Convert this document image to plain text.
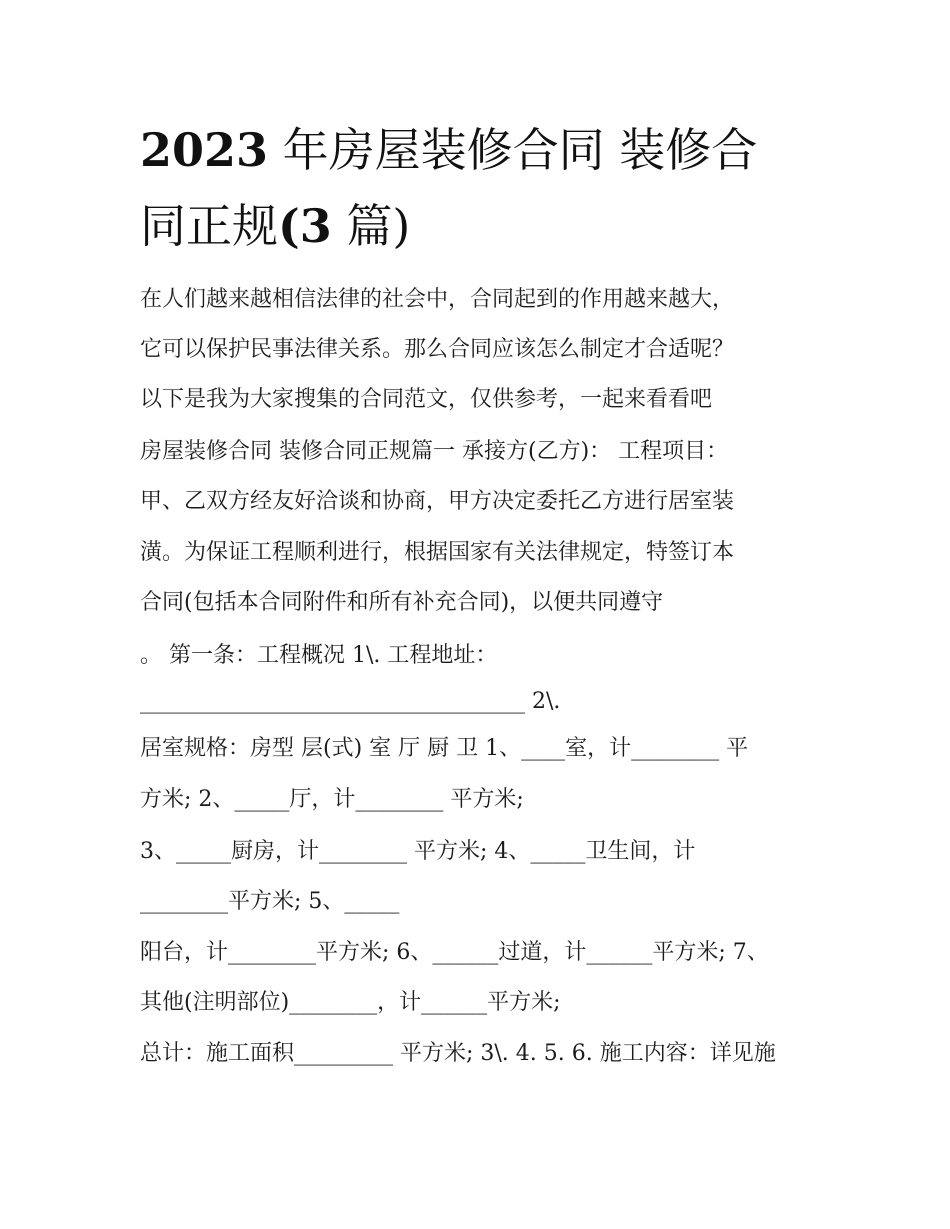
2023 年房屋装修合同 装修合
同正规(3 篇)
在人们越来越相信法律的社会中，合同起到的作用越来越大，
它可以保护民事法律关系。那么合同应该怎么制定才合适呢？
以下是我为大家搜集的合同范文，仅供参考，一起来看看吧
房屋装修合同 装修合同正规篇一 承接方(乙方)： 工程项目：
甲、乙双方经友好洽谈和协商，甲方决定委托乙方进行居室装
潢。为保证工程顺利进行，根据国家有关法律规定，特签订本
合同(包括本合同附件和所有补充合同)，以便共同遵守
。 第一条：工程概况 1\. 工程地址：
___________________________________ 2\.
居室规格：房型 层(式) 室 厅 厨 卫 1、____室，计________ 平
方米; 2、_____厅，计________ 平方米;
3、_____厨房，计________ 平方米; 4、_____卫生间，计
________平方米; 5、_____
阳台，计________平方米; 6、______过道，计______平方米; 7、
其他(注明部位)________，计______平方米;
总计：施工面积_________ 平方米; 3\. 4. 5. 6. 施工内容：详见施
